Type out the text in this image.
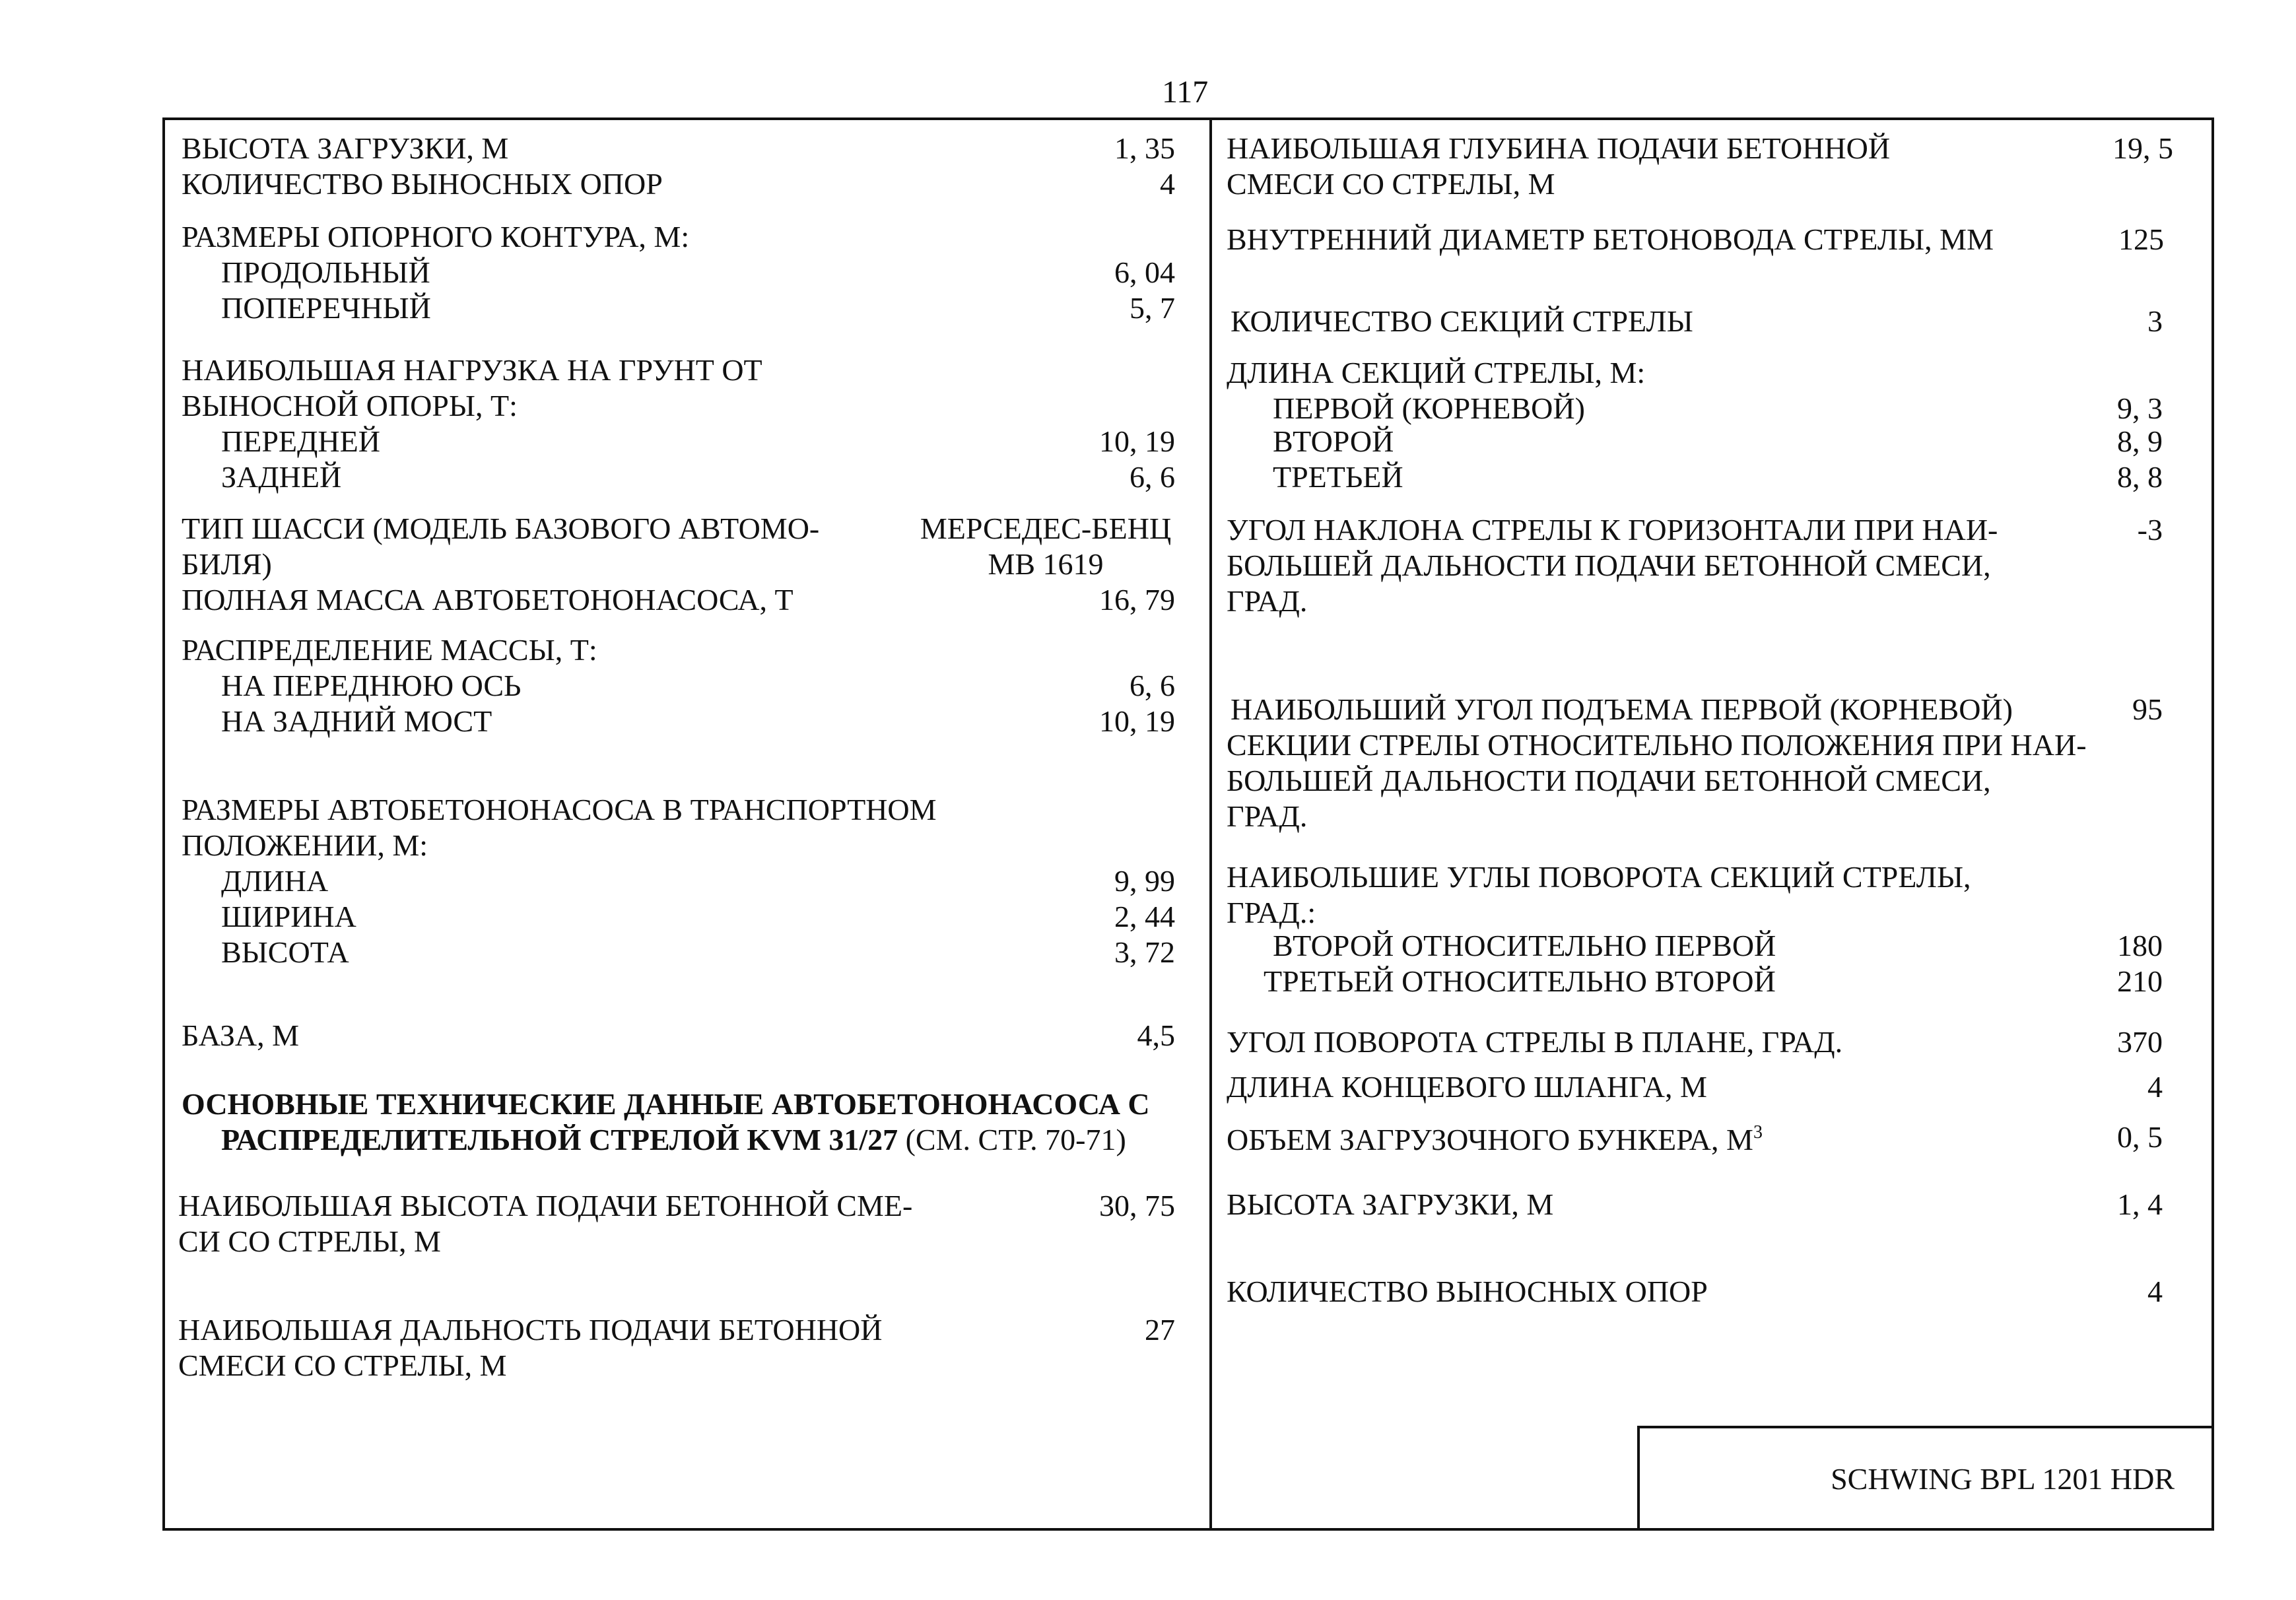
117
SCHWING BPL 1201 HDR
ВЫСОТА ЗАГРУЗКИ, М	1, 35
КОЛИЧЕСТВО ВЫНОСНЫХ ОПОР	4
РАЗМЕРЫ ОПОРНОГО КОНТУРА, М:
ПРОДОЛЬНЫЙ	6, 04
ПОПЕРЕЧНЫЙ	5, 7
НАИБОЛЬШАЯ НАГРУЗКА НА ГРУНТ ОТ
ВЫНОСНОЙ ОПОРЫ, Т:
ПЕРЕДНЕЙ	10, 19
ЗАДНЕЙ	6, 6
ТИП ШАССИ (МОДЕЛЬ БАЗОВОГО АВТОМО-	МЕРСЕДЕС-БЕНЦ
БИЛЯ)	МВ 1619
ПОЛНАЯ МАССА АВТОБЕТОНОНАСОСА, Т	16, 79
РАСПРЕДЕЛЕНИЕ МАССЫ, Т:
НА ПЕРЕДНЮЮ ОСЬ	6, 6
НА ЗАДНИЙ МОСТ	10, 19
РАЗМЕРЫ АВТОБЕТОНОНАСОСА В ТРАНСПОРТНОМ
ПОЛОЖЕНИИ, М:
ДЛИНА	9, 99
ШИРИНА	2, 44
ВЫСОТА	3, 72
БАЗА, М	4,5
ОСНОВНЫЕ ТЕХНИЧЕСКИЕ ДАННЫЕ АВТОБЕТОНОНАСОСА С
РАСПРЕДЕЛИТЕЛЬНОЙ СТРЕЛОЙ KVM 31/27 (СМ. СТР. 70-71)
НАИБОЛЬШАЯ ВЫСОТА ПОДАЧИ БЕТОННОЙ СМЕ-	30, 75
СИ СО СТРЕЛЫ, М
НАИБОЛЬШАЯ ДАЛЬНОСТЬ ПОДАЧИ БЕТОННОЙ	27
СМЕСИ СО СТРЕЛЫ, М
НАИБОЛЬШАЯ ГЛУБИНА ПОДАЧИ БЕТОННОЙ	19, 5
СМЕСИ СО СТРЕЛЫ, М
ВНУТРЕННИЙ ДИАМЕТР БЕТОНОВОДА СТРЕЛЫ, ММ	125
КОЛИЧЕСТВО СЕКЦИЙ СТРЕЛЫ	3
ДЛИНА СЕКЦИЙ СТРЕЛЫ, М:
ПЕРВОЙ (КОРНЕВОЙ)	9, 3
ВТОРОЙ	8, 9
ТРЕТЬЕЙ	8, 8
УГОЛ НАКЛОНА СТРЕЛЫ К ГОРИЗОНТАЛИ ПРИ НАИ-	-3
БОЛЬШЕЙ ДАЛЬНОСТИ ПОДАЧИ БЕТОННОЙ СМЕСИ,
ГРАД.
НАИБОЛЬШИЙ УГОЛ ПОДЪЕМА ПЕРВОЙ (КОРНЕВОЙ)	95
СЕКЦИИ СТРЕЛЫ ОТНОСИТЕЛЬНО ПОЛОЖЕНИЯ ПРИ НАИ-
БОЛЬШЕЙ ДАЛЬНОСТИ ПОДАЧИ БЕТОННОЙ СМЕСИ,
ГРАД.
НАИБОЛЬШИЕ УГЛЫ ПОВОРОТА СЕКЦИЙ СТРЕЛЫ,
ГРАД.:
ВТОРОЙ ОТНОСИТЕЛЬНО ПЕРВОЙ	180
ТРЕТЬЕЙ ОТНОСИТЕЛЬНО ВТОРОЙ	210
УГОЛ ПОВОРОТА СТРЕЛЫ В ПЛАНЕ, ГРАД.	370
ДЛИНА КОНЦЕВОГО ШЛАНГА, М	4
ОБЪЕМ ЗАГРУЗОЧНОГО БУНКЕРА, $М^3$	0, 5
ВЫСОТА ЗАГРУЗКИ, М	1, 4
КОЛИЧЕСТВО ВЫНОСНЫХ ОПОР	4
